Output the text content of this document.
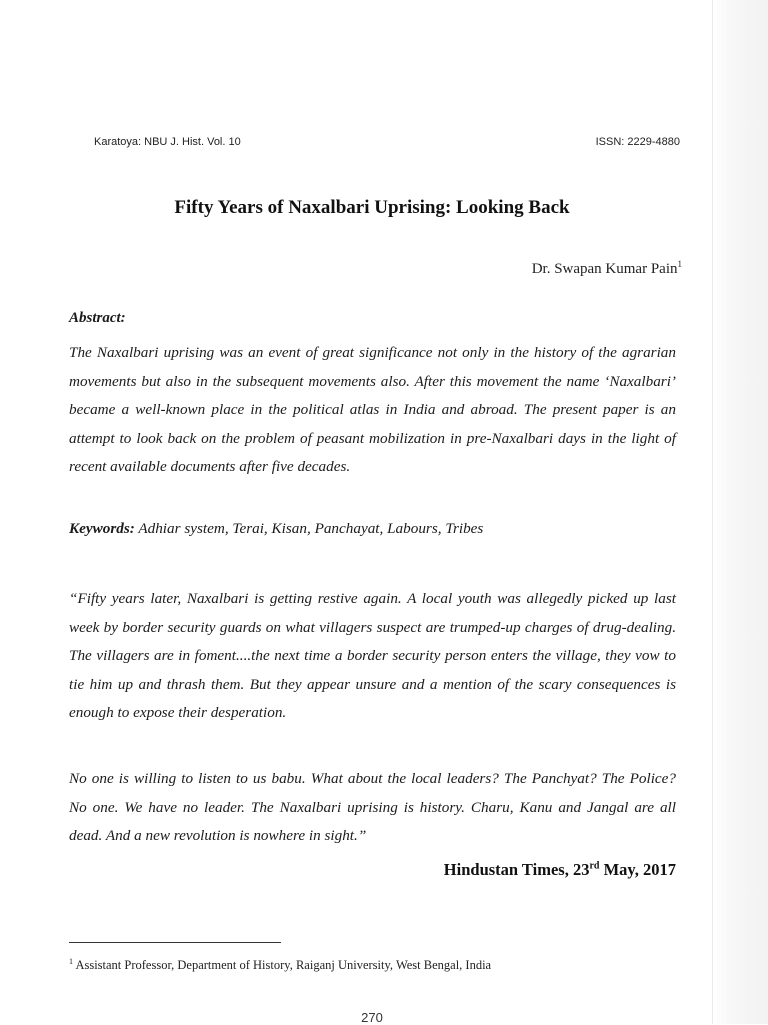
Karatoya: NBU J. Hist. Vol. 10	ISSN: 2229-4880
Fifty Years of Naxalbari Uprising: Looking Back
Dr. Swapan Kumar Pain$^1$
Abstract:

The Naxalbari uprising was an event of great significance not only in the history of the agrarian movements but also in the subsequent movements also. After this movement the name ‘Naxalbari’ became a well-known place in the political atlas in India and abroad. The present paper is an attempt to look back on the problem of peasant mobilization in pre-Naxalbari days in the light of recent available documents after five decades.

Keywords: Adhiar system, Terai, Kisan, Panchayat, Labours, Tribes

“Fifty years later, Naxalbari is getting restive again. A local youth was allegedly picked up last week by border security guards on what villagers suspect are trumped-up charges of drug-dealing. The villagers are in foment....the next time a border security person enters the village, they vow to tie him up and thrash them. But they appear unsure and a mention of the scary consequences is enough to expose their desperation.

No one is willing to listen to us babu. What about the local leaders? The Panchyat? The Police? No one. We have no leader. The Naxalbari uprising is history. Charu, Kanu and Jangal are all dead. And a new revolution is nowhere in sight.”

Hindustan Times, 23rd May, 2017
$^1$ Assistant Professor, Department of History, Raiganj University, West Bengal, India
270
